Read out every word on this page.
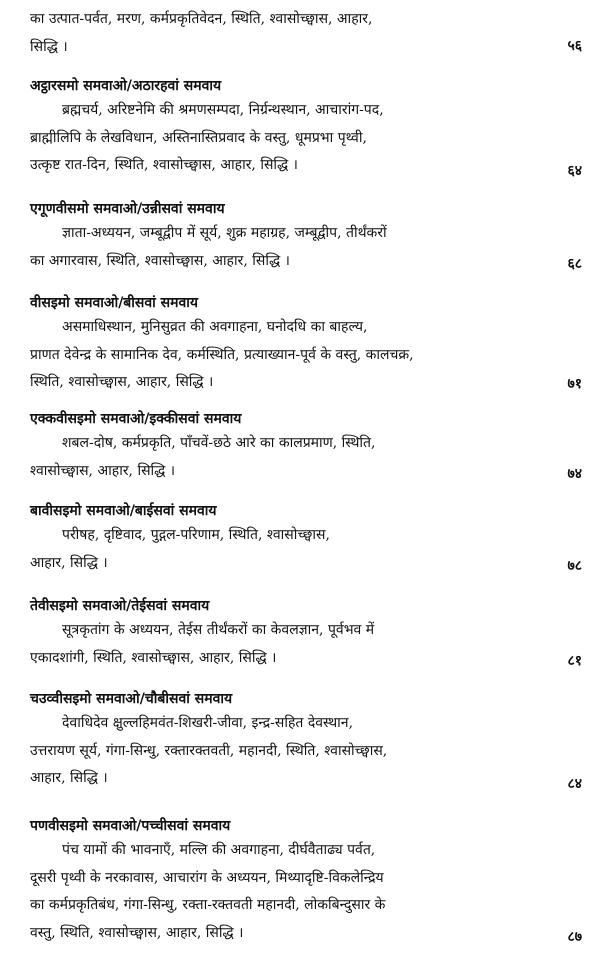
का उत्पात-पर्वत, मरण, कर्मप्रकृतिवेदन, स्थिति, श्वासोच्छ्वास, आहार,
सिद्धि ।	५६
अट्ठारसमो समवाओ/अठारहवां समवाय
ब्रह्मचर्य, अरिष्टनेमि की श्रमणसम्पदा, निर्ग्रन्थस्थान, आचारांग-पद,
ब्राह्मीलिपि के लेखविधान, अस्तिनास्तिप्रवाद के वस्तु, धूमप्रभा पृथ्वी,
उत्कृष्ट रात-दिन, स्थिति, श्वासोच्छ्वास, आहार, सिद्धि ।	६४
एगूणवीसमो समवाओ/उन्नीसवां समवाय
ज्ञाता-अध्ययन, जम्बूद्वीप में सूर्य, शुक्र महाग्रह, जम्बूद्वीप, तीर्थंकरों
का अगारवास, स्थिति, श्वासोच्छ्वास, आहार, सिद्धि ।	६८
वीसइमो समवाओ/बीसवां समवाय
असमाधिस्थान, मुनिसुव्रत की अवगाहना, घनोदधि का बाहल्य,
प्राणत देवेन्द्र के सामानिक देव, कर्मस्थिति, प्रत्याख्यान-पूर्व के वस्तु, कालचक्र,
स्थिति, श्वासोच्छ्वास, आहार, सिद्धि ।	७१
एक्कवीसइमो समवाओ/इक्कीसवां समवाय
शबल-दोष, कर्मप्रकृति, पाँचवें-छठे आरे का कालप्रमाण, स्थिति,
श्वासोच्छ्वास, आहार, सिद्धि ।	७४
बावीसइमो समवाओ/बाईसवां समवाय
परीषह, दृष्टिवाद, पुद्गल-परिणाम, स्थिति, श्वासोच्छ्वास,
आहार, सिद्धि ।	७८
तेवीसइमो समवाओ/तेईसवां समवाय
सूत्रकृतांग के अध्ययन, तेईस तीर्थंकरों का केवलज्ञान, पूर्वभव में
एकादशांगी, स्थिति, श्वासोच्छ्वास, आहार, सिद्धि ।	८१
चउव्वीसइमो समवाओ/चौबीसवां समवाय
देवाधिदेव क्षुल्लहिमवंत-शिखरी-जीवा, इन्द्र-सहित देवस्थान,
उत्तरायण सूर्य, गंगा-सिन्धु, रक्तारक्तवती, महानदी, स्थिति, श्वासोच्छ्वास,
आहार, सिद्धि ।	८४
पणवीसइमो समवाओ/पच्चीसवां समवाय
पंच यामों की भावनाएँ, मल्लि की अवगाहना, दीर्घवैताढ्य पर्वत,
दूसरी पृथ्वी के नरकावास, आचारांग के अध्ययन, मिथ्यादृष्टि-विकलेन्द्रिय
का कर्मप्रकृतिबंध, गंगा-सिन्धु, रक्ता-रक्तवती महानदी, लोकबिन्दुसार के
वस्तु, स्थिति, श्वासोच्छ्वास, आहार, सिद्धि ।	८७
